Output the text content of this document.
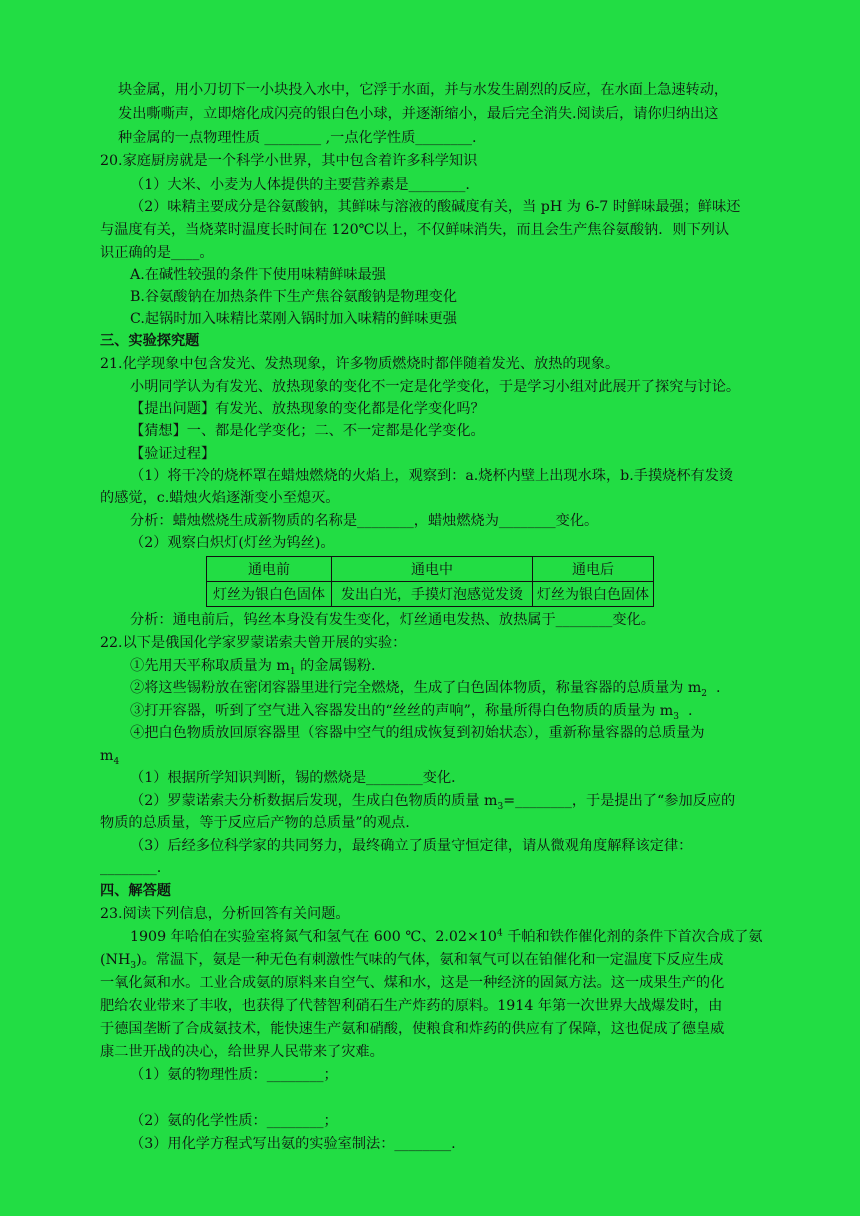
块金属，用小刀切下一小块投入水中，它浮于水面，并与水发生剧烈的反应，在水面上急速转动，
发出嘶嘶声，立即熔化成闪亮的银白色小球，并逐渐缩小，最后完全消失.阅读后，请你归纳出这
种金属的一点物理性质 ________ ,一点化学性质________.
20.家庭厨房就是一个科学小世界，其中包含着许多科学知识
（1）大米、小麦为人体提供的主要营养素是________.
（2）味精主要成分是谷氨酸钠，其鲜味与溶液的酸碱度有关，当 pH 为 6-7 时鲜味最强；鲜味还
与温度有关，当烧菜时温度长时间在 120℃以上，不仅鲜味消失，而且会生产焦谷氨酸钠．则下列认
识正确的是____。
A.在碱性较强的条件下使用味精鲜味最强
B.谷氨酸钠在加热条件下生产焦谷氨酸钠是物理变化
C.起锅时加入味精比菜刚入锅时加入味精的鲜味更强
三、实验探究题
21.化学现象中包含发光、发热现象，许多物质燃烧时都伴随着发光、放热的现象。
小明同学认为有发光、放热现象的变化不一定是化学变化，于是学习小组对此展开了探究与讨论。
【提出问题】有发光、放热现象的变化都是化学变化吗？
【猜想】一、都是化学变化；二、不一定都是化学变化。
【验证过程】
（1）将干冷的烧杯罩在蜡烛燃烧的火焰上，观察到：a.烧杯内壁上出现水珠，b.手摸烧杯有发烫
的感觉，c.蜡烛火焰逐渐变小至熄灭。
分析：蜡烛燃烧生成新物质的名称是________，蜡烛燃烧为________变化。
（2）观察白炽灯(灯丝为钨丝)。
通电前	通电中	通电后
灯丝为银白色固体	发出白光，手摸灯泡感觉发烫	灯丝为银白色固体
分析：通电前后，钨丝本身没有发生变化，灯丝通电发热、放热属于________变化。
22.以下是俄国化学家罗蒙诺索夫曾开展的实验：
①先用天平称取质量为 $m_1$ 的金属锡粉.
②将这些锡粉放在密闭容器里进行完全燃烧，生成了白色固体物质，称量容器的总质量为 $m_2$  .
③打开容器，听到了空气进入容器发出的“丝丝的声响”，称量所得白色物质的质量为 $m_3$  .
④把白色物质放回原容器里（容器中空气的组成恢复到初始状态），重新称量容器的总质量为
$m_4$
（1）根据所学知识判断，锡的燃烧是________变化．
（2）罗蒙诺索夫分析数据后发现，生成白色物质的质量 $m_3=\_\_\_\_\_\_\_\_$，于是提出了“参加反应的
物质的总质量，等于反应后产物的总质量”的观点.
（3）后经多位科学家的共同努力，最终确立了质量守恒定律，请从微观角度解释该定律：
________.
四、解答题
23.阅读下列信息，分析回答有关问题。
1909 年哈伯在实验室将氮气和氢气在 600 ℃、$2.02\times 10^4$ 千帕和铁作催化剂的条件下首次合成了氨
$(NH_3)$。常温下，氨是一种无色有刺激性气味的气体，氨和氧气可以在铂催化和一定温度下反应生成
一氧化氮和水。工业合成氨的原料来自空气、煤和水，这是一种经济的固氮方法。这一成果生产的化
肥给农业带来了丰收，也获得了代替智利硝石生产炸药的原料。1914 年第一次世界大战爆发时，由
于德国垄断了合成氨技术，能快速生产氨和硝酸，使粮食和炸药的供应有了保障，这也促成了德皇威
康二世开战的决心，给世界人民带来了灾难。
（1）氨的物理性质：________；
（2）氨的化学性质：________；
（3）用化学方程式写出氨的实验室制法：________.
